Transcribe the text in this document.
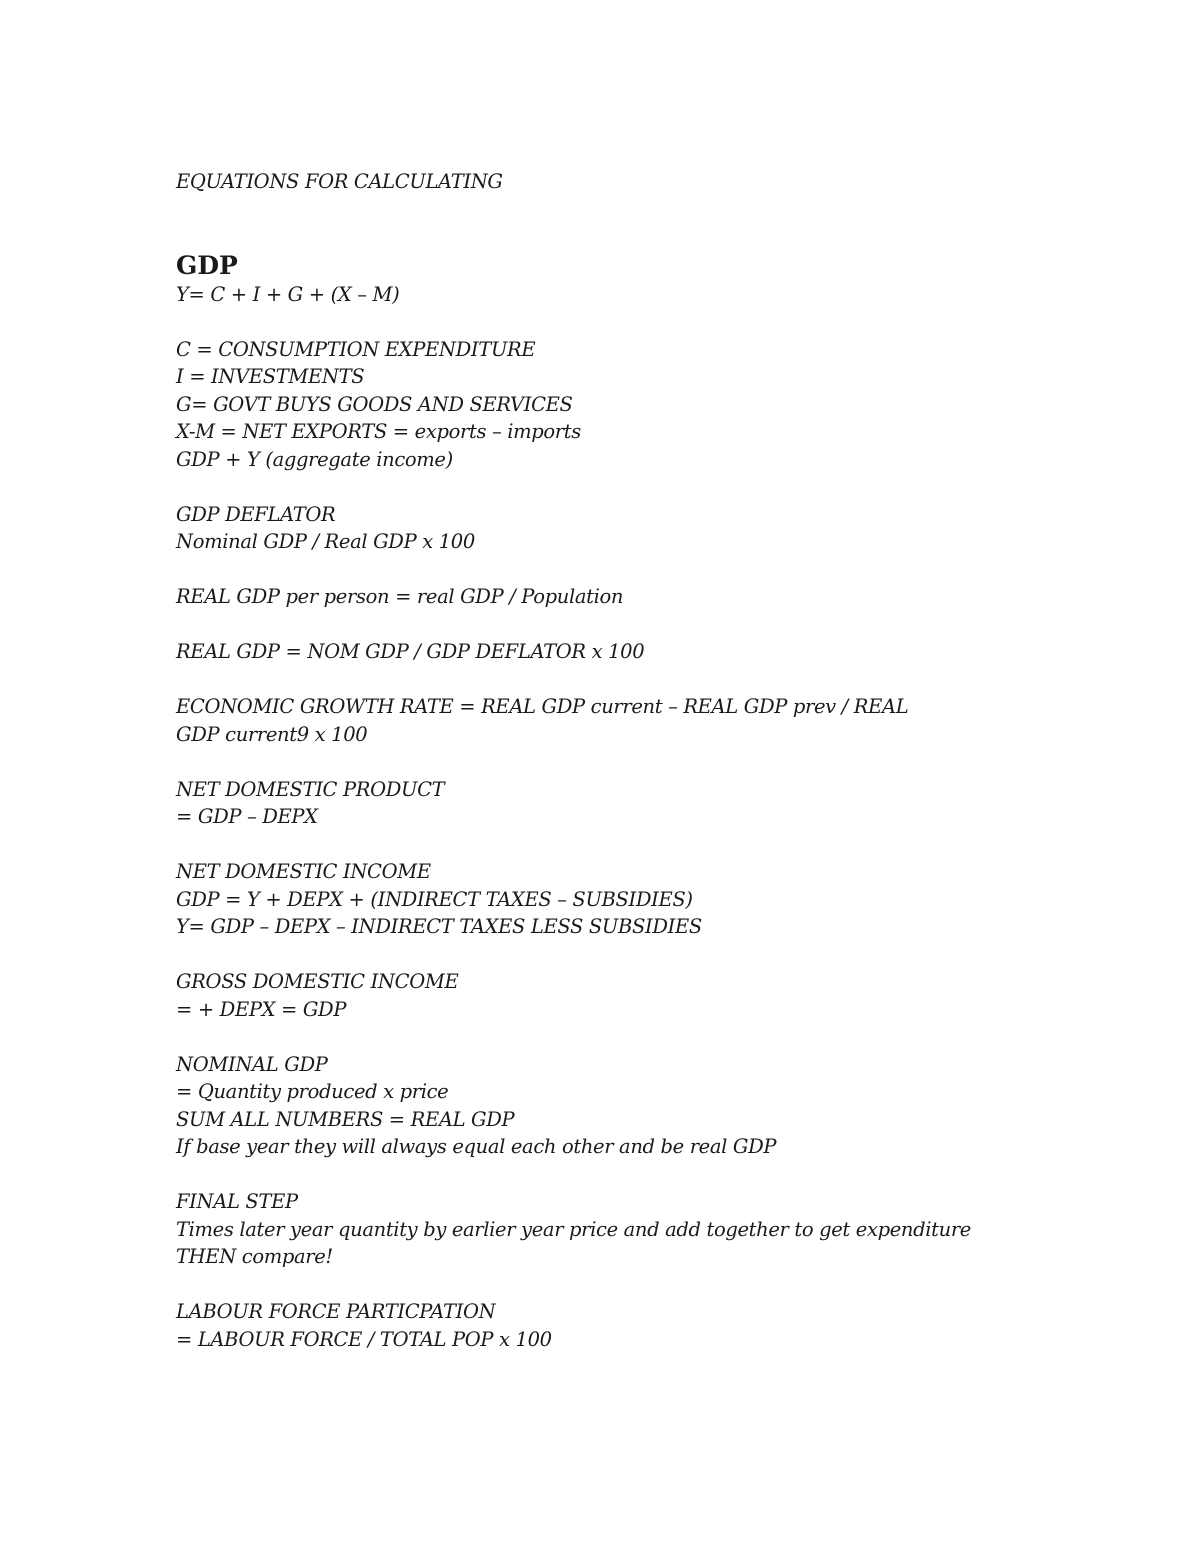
EQUATIONS FOR CALCULATING
GDP
Y= C + I + G + (X – M)
C = CONSUMPTION EXPENDITURE
I = INVESTMENTS
G= GOVT BUYS GOODS AND SERVICES
X-M = NET EXPORTS = exports – imports
GDP + Y (aggregate income)
GDP DEFLATOR
Nominal GDP / Real GDP x 100
REAL GDP per person = real GDP / Population
REAL GDP = NOM GDP / GDP DEFLATOR x 100
ECONOMIC GROWTH RATE = REAL GDP current – REAL GDP prev / REAL GDP current9 x 100
NET DOMESTIC PRODUCT
= GDP – DEPX
NET DOMESTIC INCOME
GDP = Y + DEPX + (INDIRECT TAXES – SUBSIDIES)
Y= GDP – DEPX – INDIRECT TAXES LESS SUBSIDIES
GROSS DOMESTIC INCOME
= + DEPX = GDP
NOMINAL GDP
= Quantity produced x price
SUM ALL NUMBERS = REAL GDP
If base year they will always equal each other and be real GDP
FINAL STEP
Times later year quantity by earlier year price and add together to get expenditure
THEN compare!
LABOUR FORCE PARTICPATION
= LABOUR FORCE / TOTAL POP x 100
